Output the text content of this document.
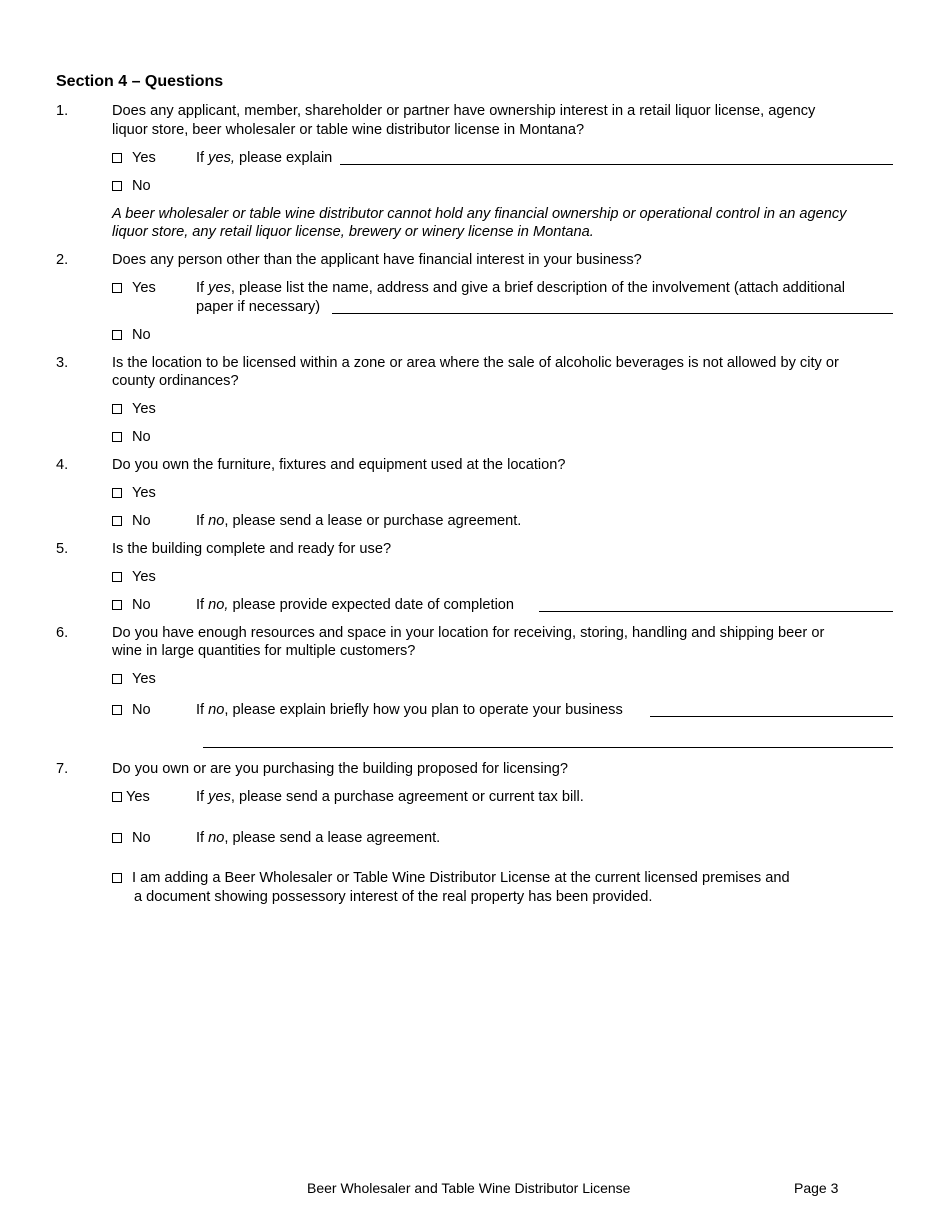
Section 4 – Questions
1.	Does any applicant, member, shareholder or partner have ownership interest in a retail liquor license, agency
liquor store, beer wholesaler or table wine distributor license in Montana?
Yes	If yes, please explain
No
A beer wholesaler or table wine distributor cannot hold any financial ownership or operational control in an agency
liquor store, any retail liquor license, brewery or winery license in Montana.
2.	Does any person other than the applicant have financial interest in your business?
Yes	If yes, please list the name, address and give a brief description of the involvement (attach additional
paper if necessary)
No
3.	Is the location to be licensed within a zone or area where the sale of alcoholic beverages is not allowed by city or
county ordinances?
Yes
No
4.	Do you own the furniture, fixtures and equipment used at the location?
Yes
No	If no, please send a lease or purchase agreement.
5.	Is the building complete and ready for use?
Yes
No	If no, please provide expected date of completion
6.	Do you have enough resources and space in your location for receiving, storing, handling and shipping beer or
wine in large quantities for multiple customers?
Yes
No	If no, please explain briefly how you plan to operate your business
7.	Do you own or are you purchasing the building proposed for licensing?
Yes	If yes, please send a purchase agreement or current tax bill.
No	If no, please send a lease agreement.
I am adding a Beer Wholesaler or Table Wine Distributor License at the current licensed premises and
a document showing possessory interest of the real property has been provided.
Beer Wholesaler and Table Wine Distributor License	Page 3
